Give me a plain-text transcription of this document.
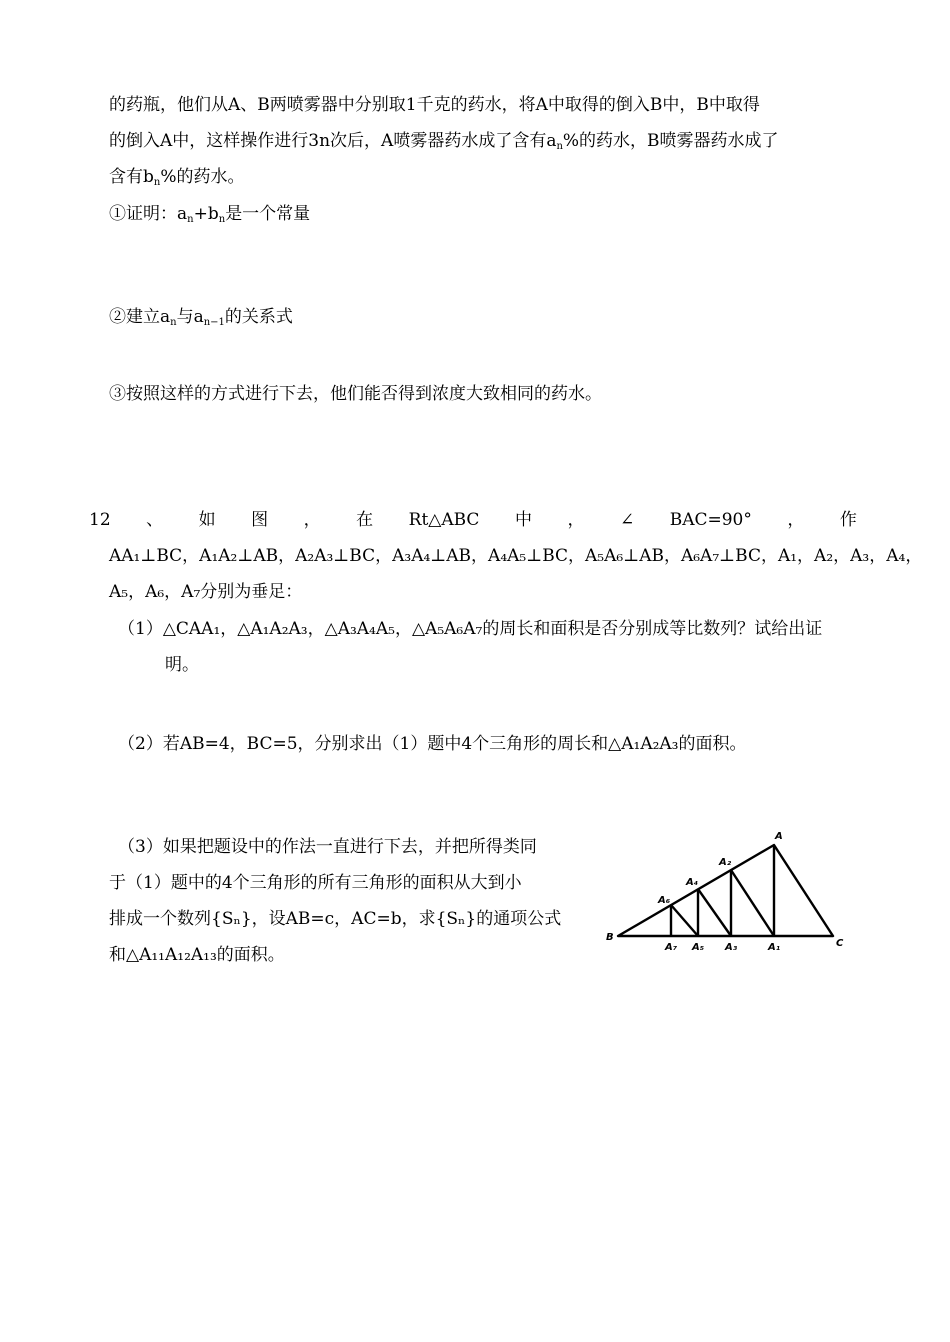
的药瓶，他们从A、B两喷雾器中分别取1千克的药水，将A中取得的倒入B中，B中取得
的倒入A中，这样操作进行3n次后，A喷雾器药水成了含有$a_n\%$的药水，B喷雾器药水成了
含有$b_n\%$的药水。
①证明：$a_n+b_n$是一个常量
②建立$a_n$与$a_{n-1}$的关系式
③按照这样的方式进行下去，他们能否得到浓度大致相同的药水。
12 、 如 图 ， 在 Rt△ABC 中 ， ∠ BAC=90° ， 作
AA₁⊥BC，A₁A₂⊥AB，A₂A₃⊥BC，A₃A₄⊥AB，A₄A₅⊥BC，A₅A₆⊥AB，A₆A₇⊥BC，A₁，A₂，A₃，A₄，
A₅，A₆，A₇分别为垂足：
（1）△CAA₁，△A₁A₂A₃，△A₃A₄A₅，△A₅A₆A₇的周长和面积是否分别成等比数列？试给出证
明。
（2）若AB=4，BC=5，分别求出（1）题中4个三角形的周长和△A₁A₂A₃的面积。
（3）如果把题设中的作法一直进行下去，并把所得类同
于（1）题中的4个三角形的所有三角形的面积从大到小
排成一个数列{Sₙ}，设AB=c，AC=b，求{Sₙ}的通项公式
和△A₁₁A₁₂A₁₃的面积。
A
B
C
A₁
A₂
A₃
A₄
A₅
A₆
A₇
